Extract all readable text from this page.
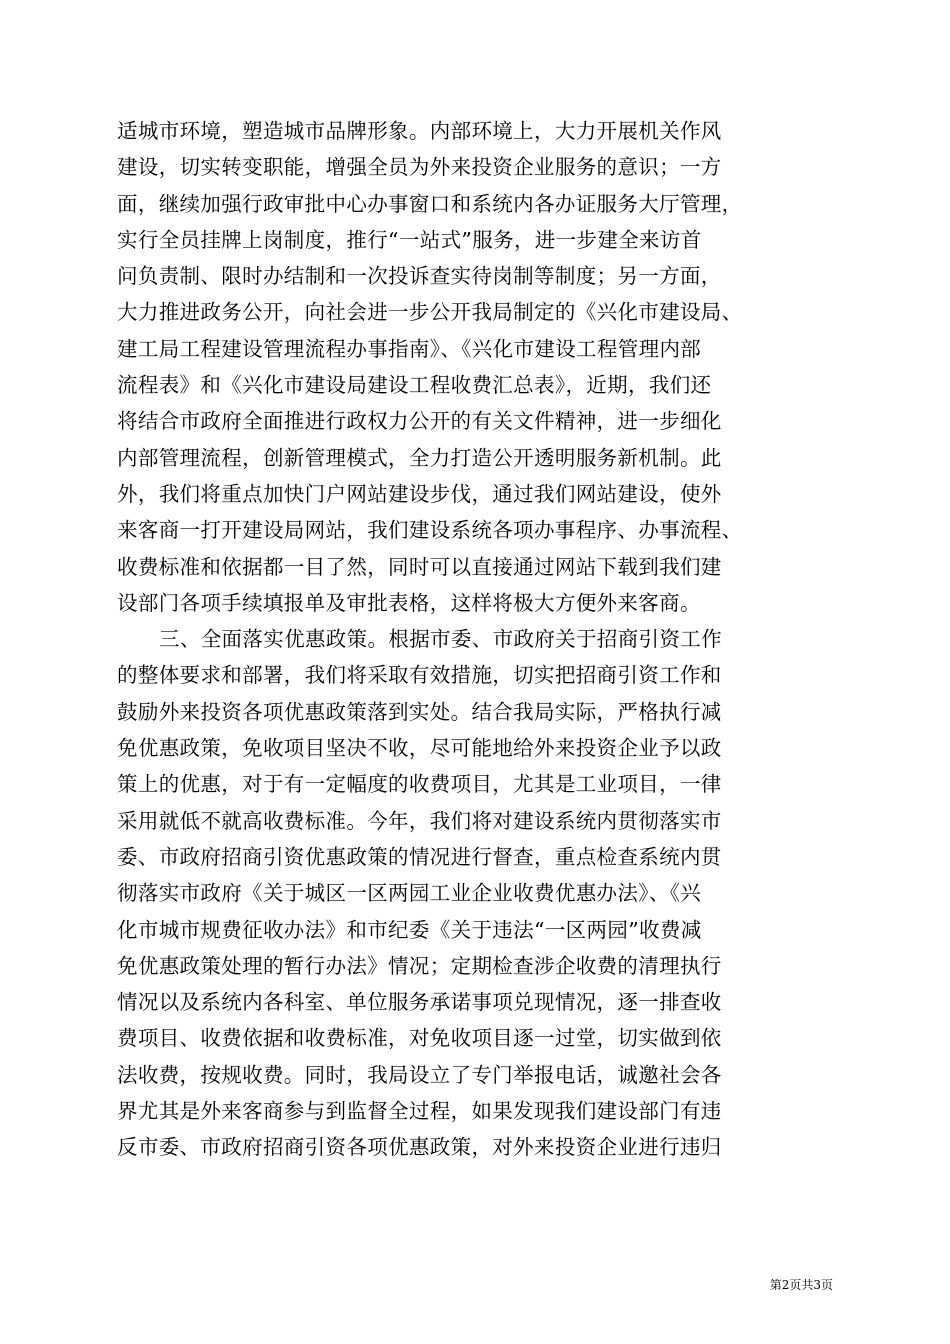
适城市环境，塑造城市品牌形象。内部环境上，大力开展机关作风
建设，切实转变职能，增强全员为外来投资企业服务的意识；一方
面，继续加强行政审批中心办事窗口和系统内各办证服务大厅管理，
实行全员挂牌上岗制度，推行“一站式”服务，进一步建全来访首
问负责制、限时办结制和一次投诉查实待岗制等制度；另一方面，
大力推进政务公开，向社会进一步公开我局制定的《兴化市建设局、
建工局工程建设管理流程办事指南》、《兴化市建设工程管理内部
流程表》和《兴化市建设局建设工程收费汇总表》，近期，我们还
将结合市政府全面推进行政权力公开的有关文件精神，进一步细化
内部管理流程，创新管理模式，全力打造公开透明服务新机制。此
外，我们将重点加快门户网站建设步伐，通过我们网站建设，使外
来客商一打开建设局网站，我们建设系统各项办事程序、办事流程、
收费标准和依据都一目了然，同时可以直接通过网站下载到我们建
设部门各项手续填报单及审批表格，这样将极大方便外来客商。
三、全面落实优惠政策。根据市委、市政府关于招商引资工作
的整体要求和部署，我们将采取有效措施，切实把招商引资工作和
鼓励外来投资各项优惠政策落到实处。结合我局实际，严格执行减
免优惠政策，免收项目坚决不收，尽可能地给外来投资企业予以政
策上的优惠，对于有一定幅度的收费项目，尤其是工业项目，一律
采用就低不就高收费标准。今年，我们将对建设系统内贯彻落实市
委、市政府招商引资优惠政策的情况进行督查，重点检查系统内贯
彻落实市政府《关于城区一区两园工业企业收费优惠办法》、《兴
化市城市规费征收办法》和市纪委《关于违法“一区两园”收费减
免优惠政策处理的暂行办法》情况；定期检查涉企收费的清理执行
情况以及系统内各科室、单位服务承诺事项兑现情况，逐一排查收
费项目、收费依据和收费标准，对免收项目逐一过堂，切实做到依
法收费，按规收费。同时，我局设立了专门举报电话，诚邀社会各
界尤其是外来客商参与到监督全过程，如果发现我们建设部门有违
反市委、市政府招商引资各项优惠政策，对外来投资企业进行违归
第2页共3页
